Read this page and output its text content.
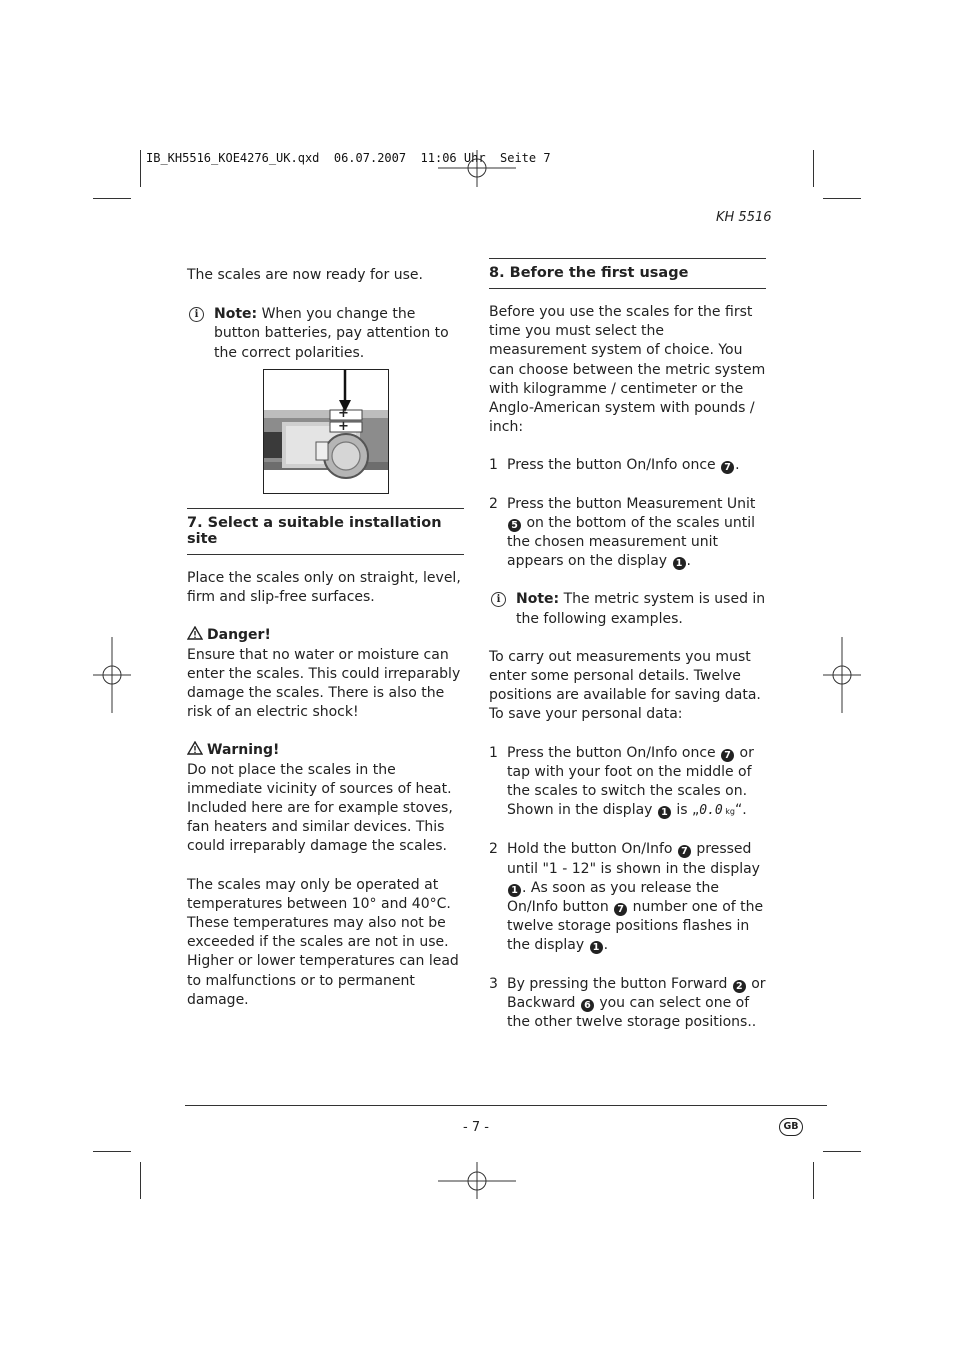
IB_KH5516_KOE4276_UK.qxd  06.07.2007  11:06 Uhr  Seite 7
KH 5516

The scales are now ready for use.

i	Note: When you change the button batteries, pay attention to the correct polarities.
+
+
7. Select a suitable installation site

Place the scales only on straight, level, firm and slip-free surfaces.

Danger!

Ensure that no water or moisture can enter the scales. This could irreparably damage the scales. There is also the risk of an electric shock!

Warning!

Do not place the scales in the immediate vicinity of sources of heat. Included here are for example stoves, fan heaters and similar devices. This could irreparably damage the scales.

The scales may only be operated at temperatures between 10° and 40°C. These temperatures may also not be exceeded if the scales are not in use. Higher or lower temperatures can lead to malfunctions or to permanent damage.

8. Before the first usage

Before you use the scales for the first time you must select the measurement system of choice. You can choose between the metric system with kilogramme / centimeter or the Anglo-American system with pounds / inch:

1 Press the button On/Info once 7 .
2 Press the button Measurement Unit 5 on the bottom of the scales until the chosen measurement unit appears on the display 1 .
i	Note: The metric system is used in the following examples.

To carry out measurements you must enter some personal details. Twelve positions are available for saving data. To save your personal data:

1 Press the button On/Info once 7 or tap with your foot on the middle of the scales to switch the scales on. Shown in the display 1 is „0.0 kg“.
2 Hold the button On/Info 7 pressed until "1 - 12" is shown in the display 1 . As soon as you release the On/Info button 7 number one of the twelve storage positions flashes in the display 1 .
3 By pressing the button Forward 2 or Backward 6 you can select one of the other twelve storage positions..
- 7 -	GB
